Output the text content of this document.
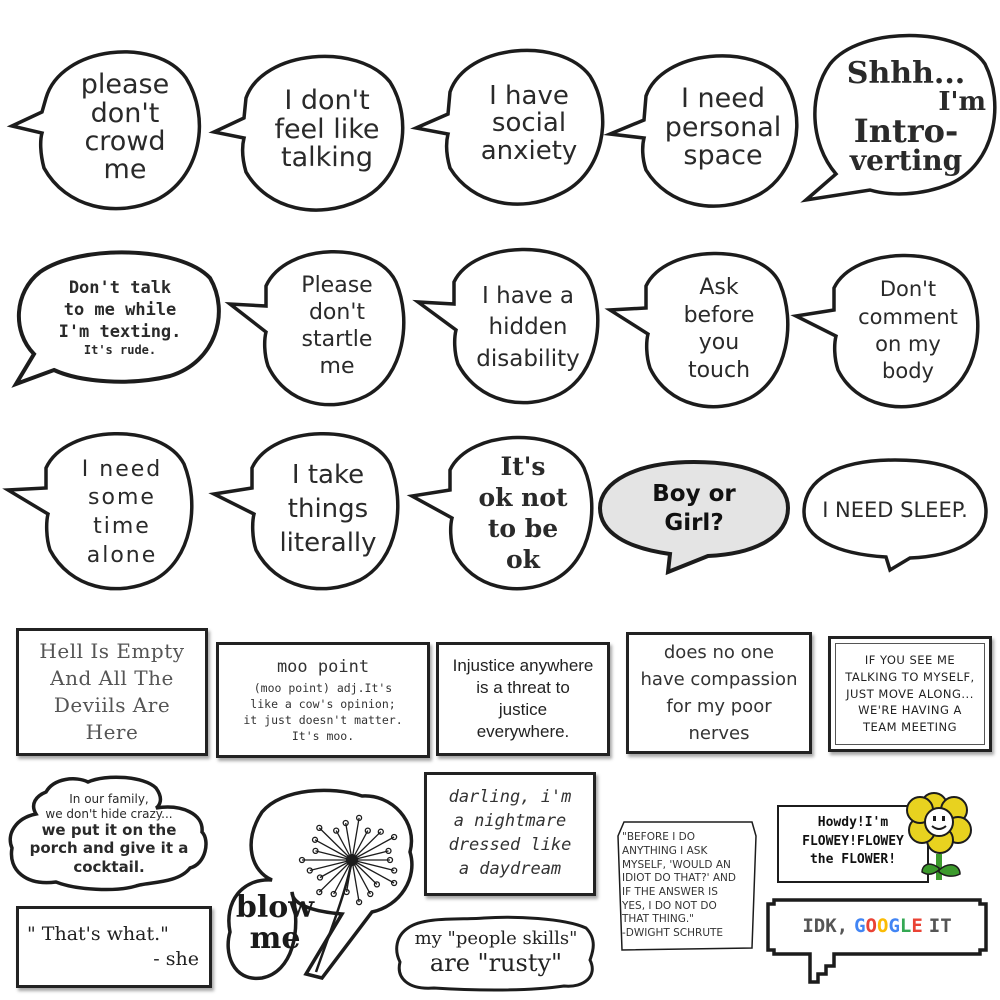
please
don't
crowd
me
I don't
feel like
talking
I have
social
anxiety
I need
personal
space
Shhh...
I'm
Intro-
verting
Don't talk
to me while
I'm texting.
It's rude.
Please
don't
startle
me
I have a
hidden
disability
Ask
before
you
touch
Don't
comment
on my
body
I need
some
time
alone
I take
things
literally
It's
ok not
to be
ok
Boy or
Girl?
I NEED SLEEP.
Hell Is Empty
And All The
Deviils Are
Here
moo point
(moo point) adj.It's
like a cow's opinion;
it just doesn't matter.
It's moo.
Injustice anywhere
is a threat to
justice
everywhere.
does no one
have compassion
for my poor
nerves
IF YOU SEE ME
TALKING TO MYSELF,
JUST MOVE ALONG...
WE'RE HAVING A
TEAM MEETING
In our family,
we don't hide crazy...
we put it on the
porch and give it a
cocktail.
blow
me
darling, i'm
a nightmare
dressed like
a daydream
"BEFORE I DO
ANYTHING I ASK
MYSELF, 'WOULD AN
IDIOT DO THAT?' AND
IF THE ANSWER IS
YES, I DO NOT DO
THAT THING."
-DWIGHT SCHRUTE
Howdy!I'm
FLOWEY!FLOWEY
the FLOWER!
" That's what."
- she
my "people skills"
are "rusty"
IDK, G O O G L E IT
